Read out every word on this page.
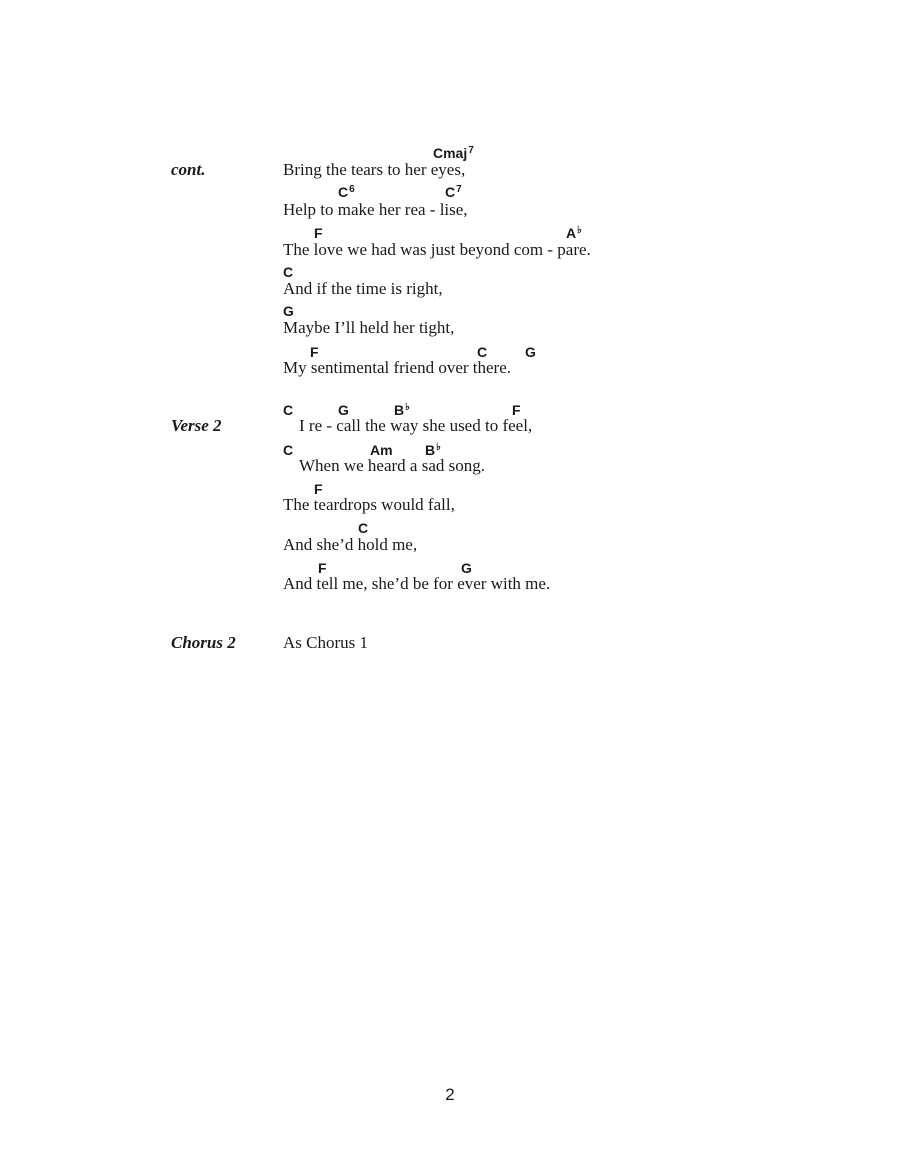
cont.
Verse 2
Chorus 2
Cmaj$^7$
Bring the tears to her eyes,
$C^6$	$C^7$
Help to make her rea - lise,
F	A♭
The love we had was just beyond com - pare.
C
And if the time is right,
G
Maybe I’ll held her tight,
F	C	G
My sentimental friend over there.
C	G	B♭	F
I re - call the way she used to feel,
C	Am B♭
When we heard a sad song.
F
The teardrops would fall,
C
And she’d hold me,
F	G
And tell me, she’d be for ever with me.
As Chorus 1
2
